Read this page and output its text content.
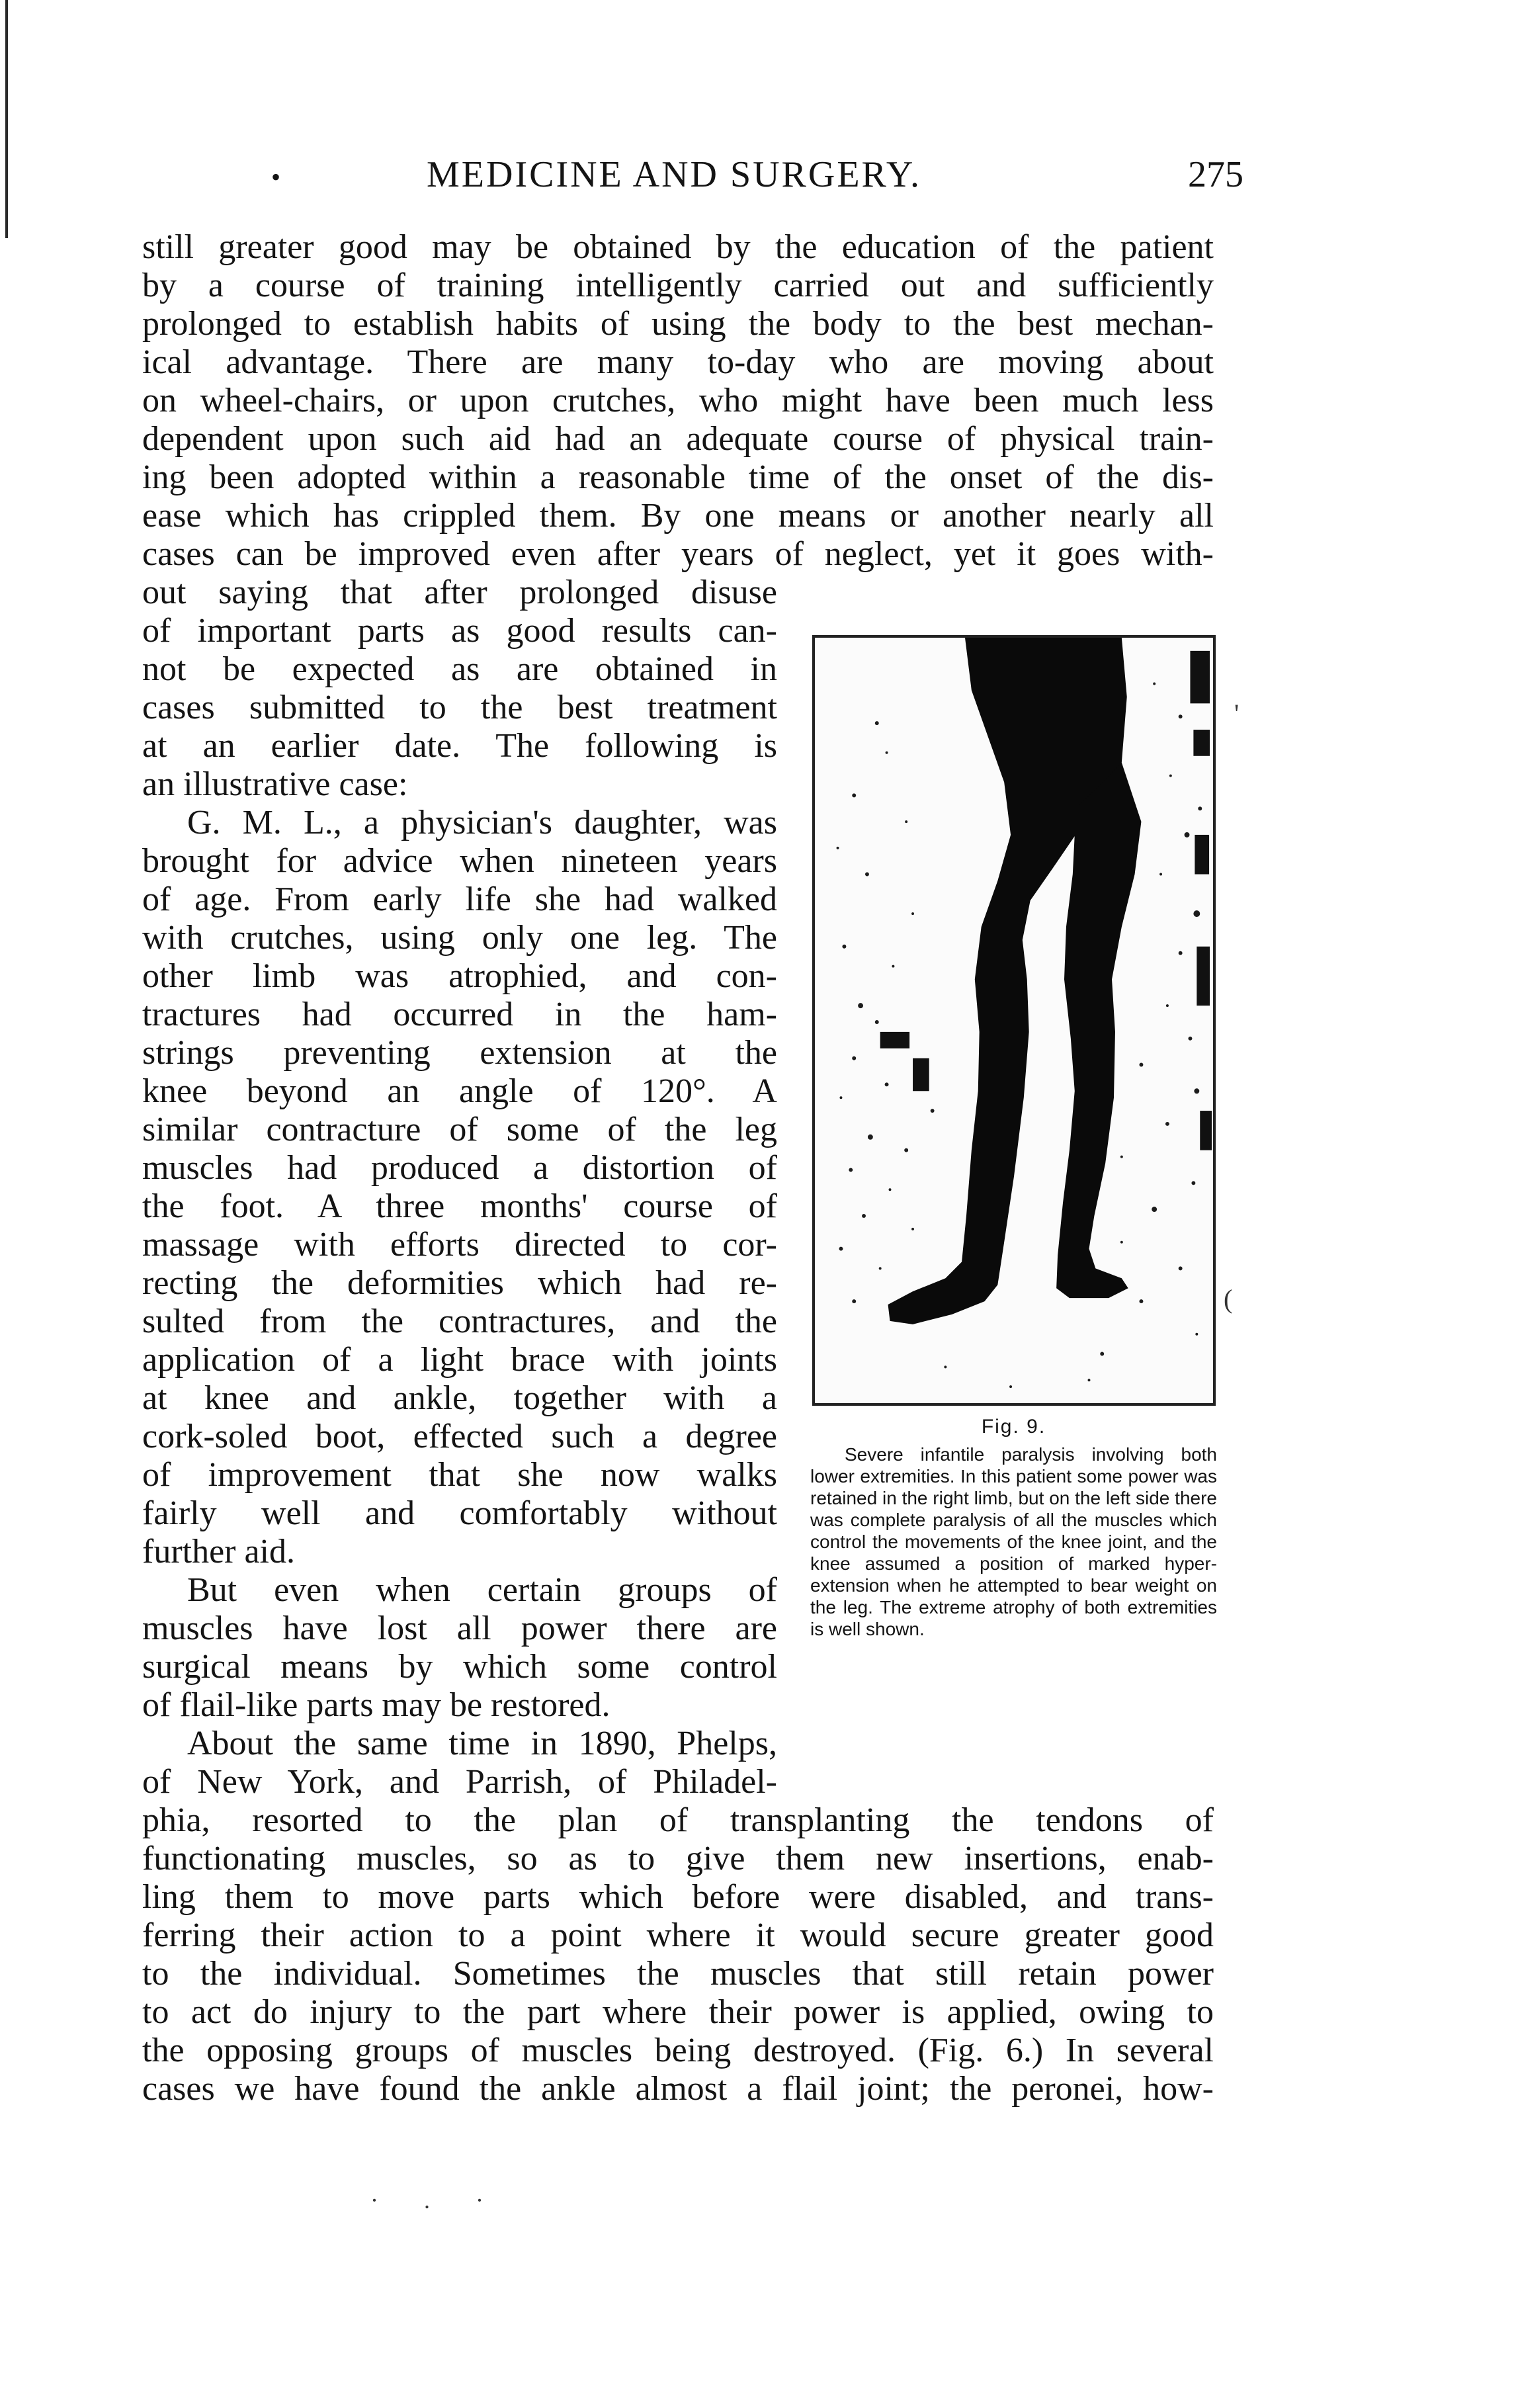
•	MEDICINE AND SURGERY.	275

still greater good may be obtained by the education of the patient
by a course of training intelligently carried out and sufficiently
prolonged to establish habits of using the body to the best mechan-
ical advantage. There are many to-day who are moving about
on wheel-chairs, or upon crutches, who might have been much less
dependent upon such aid had an adequate course of physical train-
ing been adopted within a reasonable time of the onset of the dis-
ease which has crippled them. By one means or another nearly all
cases can be improved even after years of neglect, yet it goes with-

out saying that after prolonged disuse
of important parts as good results can-
not be expected as are obtained in
cases submitted to the best treatment
at an earlier date. The following is
an illustrative case:

G. M. L., a physician's daughter, was
brought for advice when nineteen years
of age. From early life she had walked
with crutches, using only one leg. The
other limb was atrophied, and con-
tractures had occurred in the ham-
strings preventing extension at the
knee beyond an angle of 120°. A
similar contracture of some of the leg
muscles had produced a distortion of
the foot. A three months' course of
massage with efforts directed to cor-
recting the deformities which had re-
sulted from the contractures, and the
application of a light brace with joints
at knee and ankle, together with a
cork-soled boot, effected such a degree
of improvement that she now walks
fairly well and comfortably without
further aid.

But even when certain groups of
muscles have lost all power there are
surgical means by which some control
of flail-like parts may be restored.

About the same time in 1890, Phelps,
of New York, and Parrish, of Philadel-

phia, resorted to the plan of transplanting the tendons of
functionating muscles, so as to give them new insertions, enab-
ling them to move parts which before were disabled, and trans-
ferring their action to a point where it would secure greater good
to the individual. Sometimes the muscles that still retain power
to act do injury to the part where their power is applied, owing to
the opposing groups of muscles being destroyed. (Fig. 6.) In several
cases we have found the ankle almost a flail joint; the peronei, how-

Fig. 9.
Severe infantile paralysis involving both lower extremities. In this patient some power was retained in the right limb, but on the left side there was complete paralysis of all the muscles which control the movements of the knee joint, and the knee assumed a position of marked hyper-extension when he attempted to bear weight on the leg. The extreme atrophy of both extremities is well shown.
'
(
· . ·
